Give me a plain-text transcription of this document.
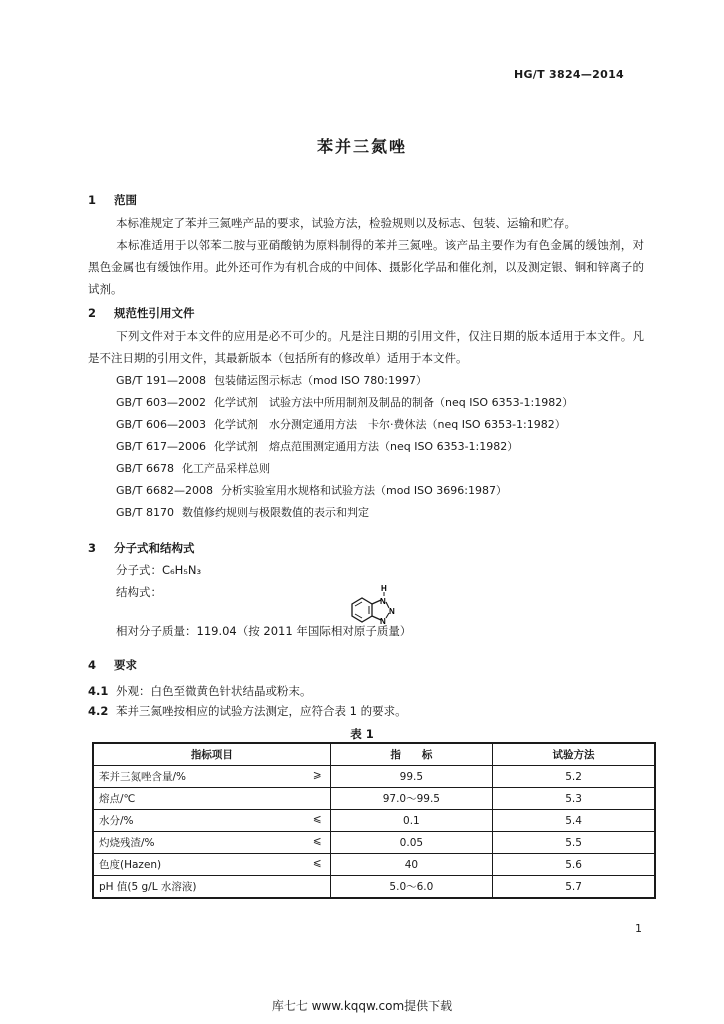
HG/T 3824—2014
苯并三氮唑
1 范围
本标准规定了苯并三氮唑产品的要求，试验方法，检验规则以及标志、包装、运输和贮存。
本标准适用于以邻苯二胺与亚硝酸钠为原料制得的苯并三氮唑。该产品主要作为有色金属的缓蚀剂，对黑色金属也有缓蚀作用。此外还可作为有机合成的中间体、摄影化学品和催化剂，以及测定银、铜和锌离子的试剂。
2 规范性引用文件
下列文件对于本文件的应用是必不可少的。凡是注日期的引用文件，仅注日期的版本适用于本文件。凡是不注日期的引用文件，其最新版本（包括所有的修改单）适用于本文件。
GB/T 191—2008 包装储运图示标志（mod ISO 780:1997）
GB/T 603—2002 化学试剂　试验方法中所用制剂及制品的制备（neq ISO 6353-1:1982）
GB/T 606—2003 化学试剂　水分测定通用方法　卡尔·费休法（neq ISO 6353-1:1982）
GB/T 617—2006 化学试剂　熔点范围测定通用方法（neq ISO 6353-1:1982）
GB/T 6678 化工产品采样总则
GB/T 6682—2008 分析实验室用水规格和试验方法（mod ISO 3696:1987）
GB/T 8170 数值修约规则与极限数值的表示和判定
3 分子式和结构式
分子式：C₆H₅N₃
结构式：	H
N
N
N
相对分子质量：119.04（按 2011 年国际相对原子质量）
4 要求
4.1 外观：白色至微黄色针状结晶或粉末。
4.2 苯并三氮唑按相应的试验方法测定，应符合表 1 的要求。
表 1
指标项目	指　　标	试验方法
苯并三氮唑含量/% ⩾	99.5	5.2
熔点/℃	97.0～99.5	5.3
水分/% ⩽	0.1	5.4
灼烧残渣/% ⩽	0.05	5.5
色度(Hazen) ⩽	40	5.6
pH 值(5 g/L 水溶液)	5.0～6.0	5.7
1
库七七 www.kqqw.com提供下载
